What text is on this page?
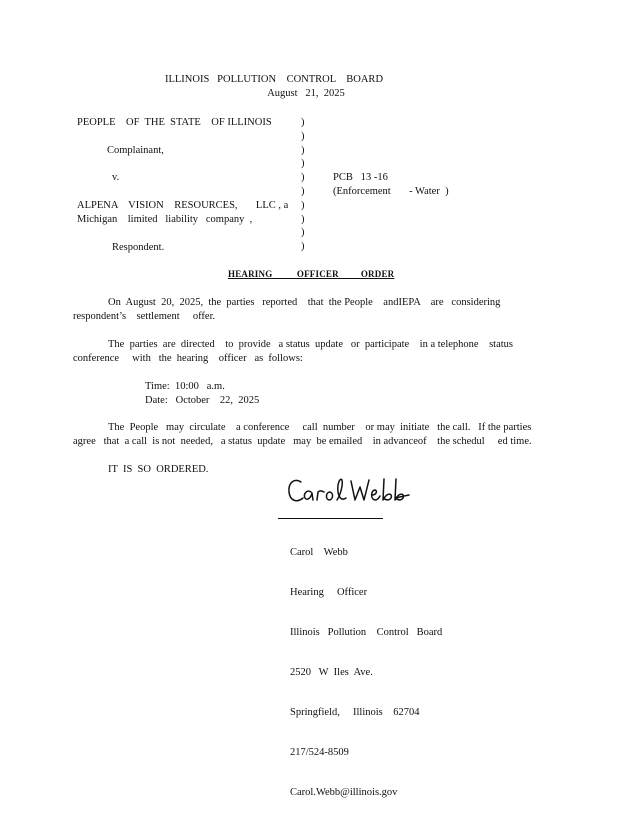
ILLINOIS   POLLUTION    CONTROL    BOARD
August   21,  2025
PEOPLE    OF  THE  STATE    OF ILLINOIS
Complainant,
v.
ALPENA    VISION    RESOURCES,       LLC , a
Michigan    limited   liability   company  ,
Respondent.
)
)
)
)
)
)
)
)
)
)
PCB   13 -16
(Enforcement       - Water  )
HEARING          OFFICER         ORDER
On  August  20,  2025,  the  parties   reported    that  the People    andIEPA    are   considering
respondent’s    settlement     offer.
The  parties  are  directed    to  provide   a status  update   or  participate    in a telephone    status
conference     with   the  hearing    officer   as  follows:
Time:  10:00   a.m.
Date:   October    22,  2025
The  People   may  circulate    a conference     call  number    or may  initiate   the call.   If the parties
agree   that  a call  is not  needed,   a status  update   may  be emailed    in advanceof    the schedul     ed time.
IT  IS  SO  ORDERED.

Carol    Webb

Hearing     Officer

Illinois   Pollution    Control   Board

2520   W  Iles  Ave.

Springfield,     Illinois    62704

217/524-8509

Carol.Webb@illinois.gov
